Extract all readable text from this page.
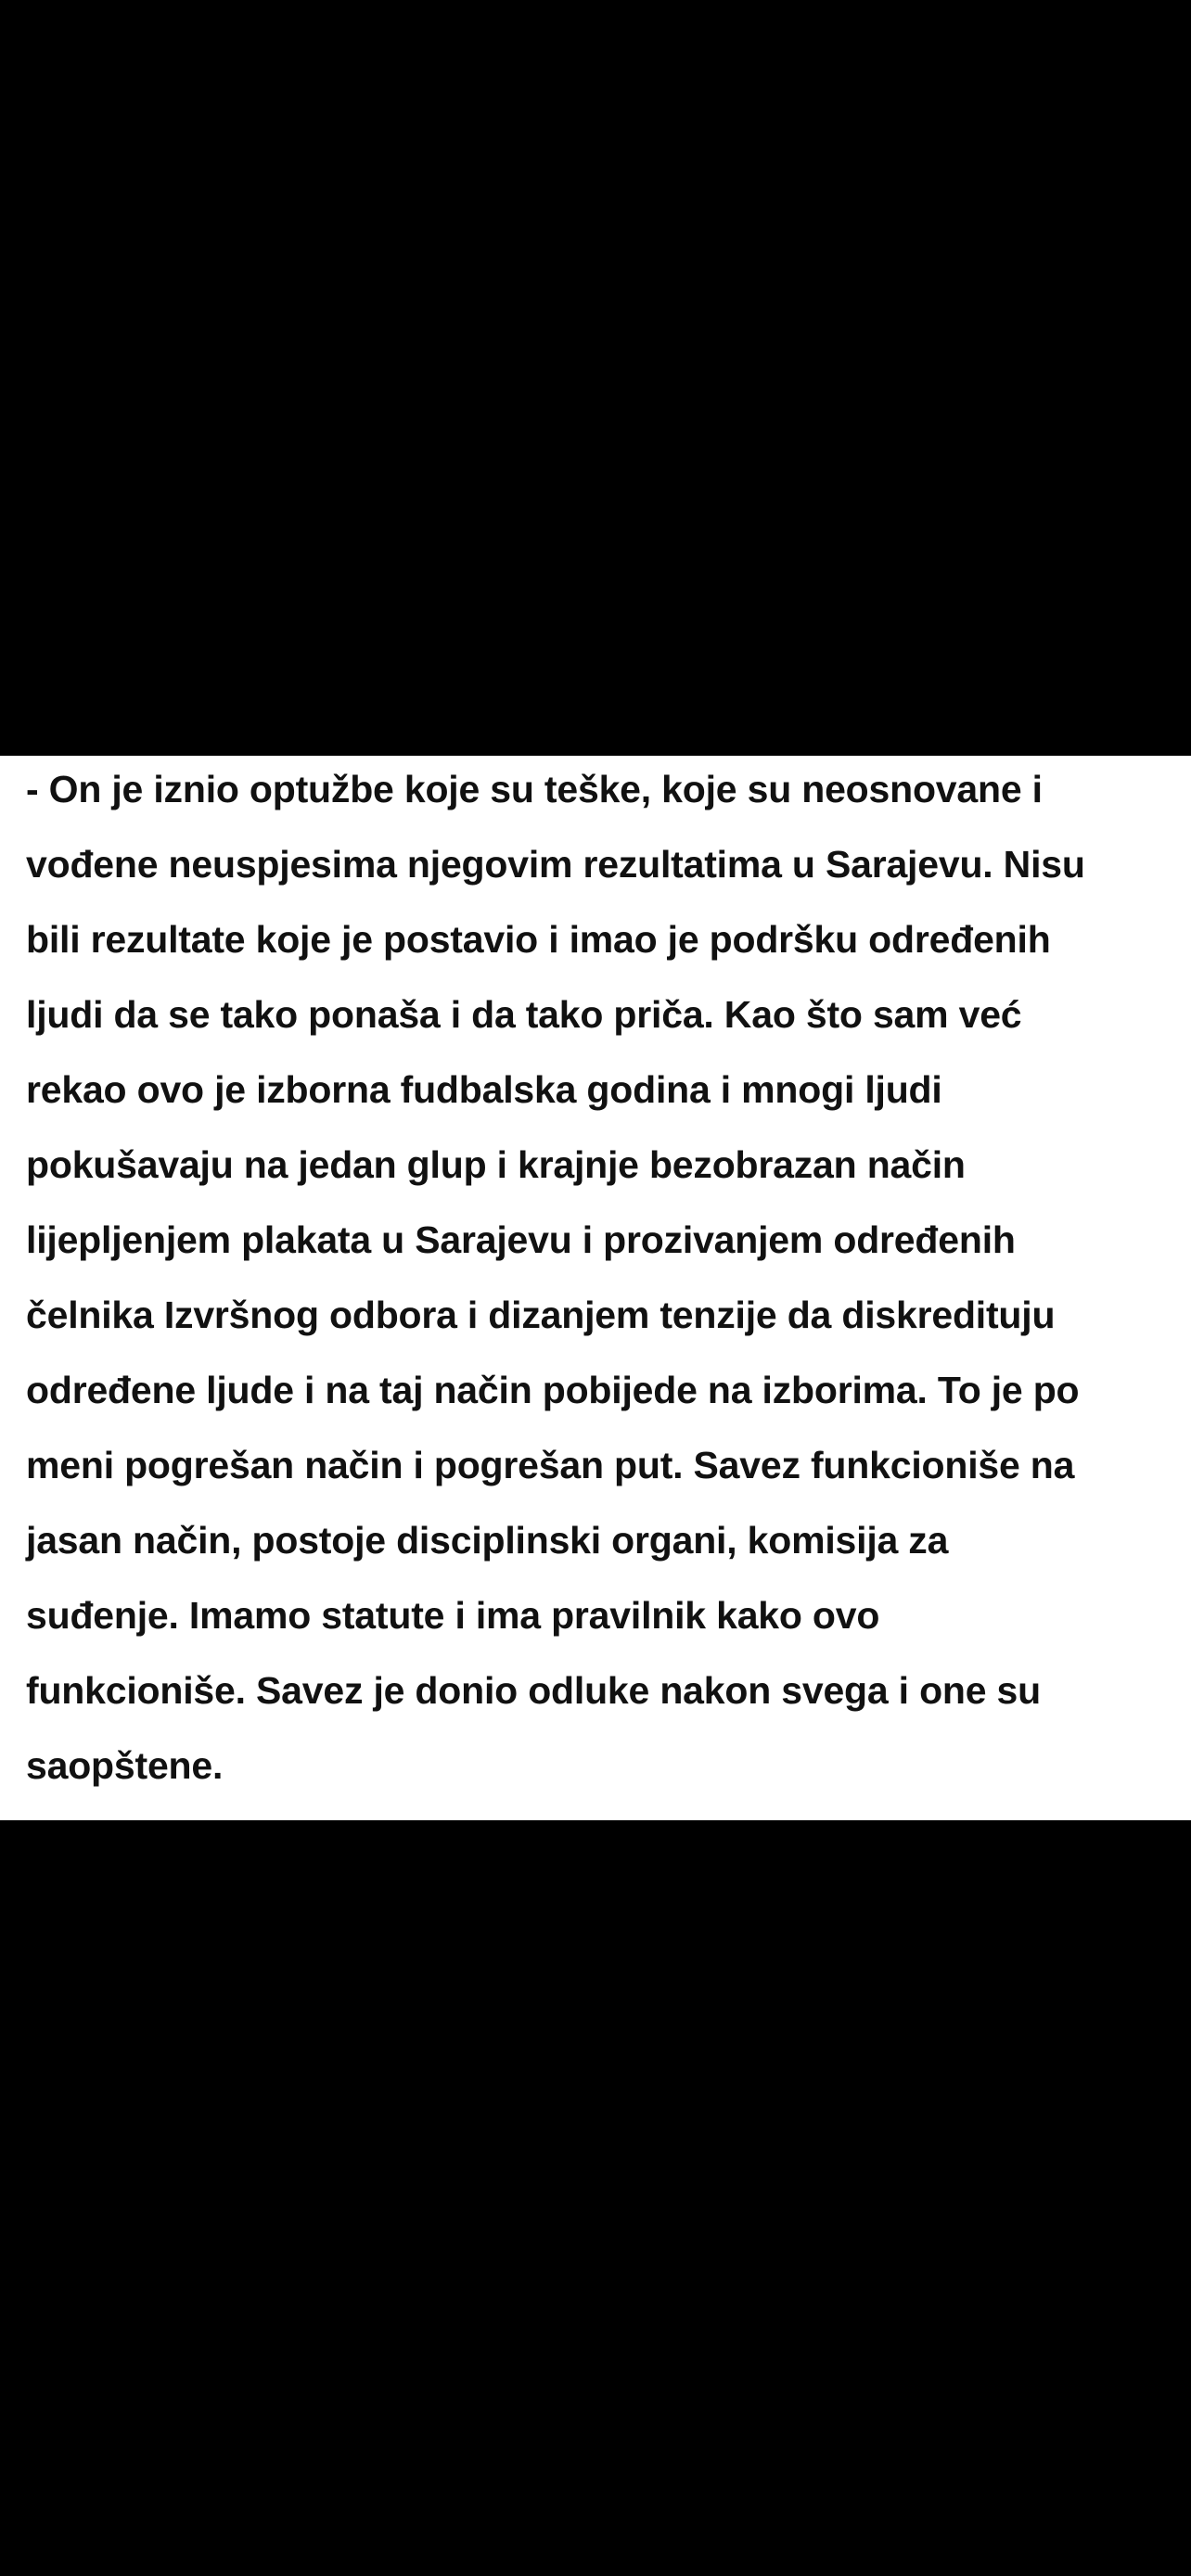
- On je iznio optužbe koje su teške, koje su neosnovane i
vođene neuspjesima njegovim rezultatima u Sarajevu. Nisu
bili rezultate koje je postavio i imao je podršku određenih
ljudi da se tako ponaša i da tako priča. Kao što sam već
rekao ovo je izborna fudbalska godina i mnogi ljudi
pokušavaju na jedan glup i krajnje bezobrazan način
lijepljenjem plakata u Sarajevu i prozivanjem određenih
čelnika Izvršnog odbora i dizanjem tenzije da diskredituju
određene ljude i na taj način pobijede na izborima. To je po
meni pogrešan način i pogrešan put. Savez funkcioniše na
jasan način, postoje disciplinski organi, komisija za
suđenje. Imamo statute i ima pravilnik kako ovo
funkcioniše. Savez je donio odluke nakon svega i one su
saopštene.
